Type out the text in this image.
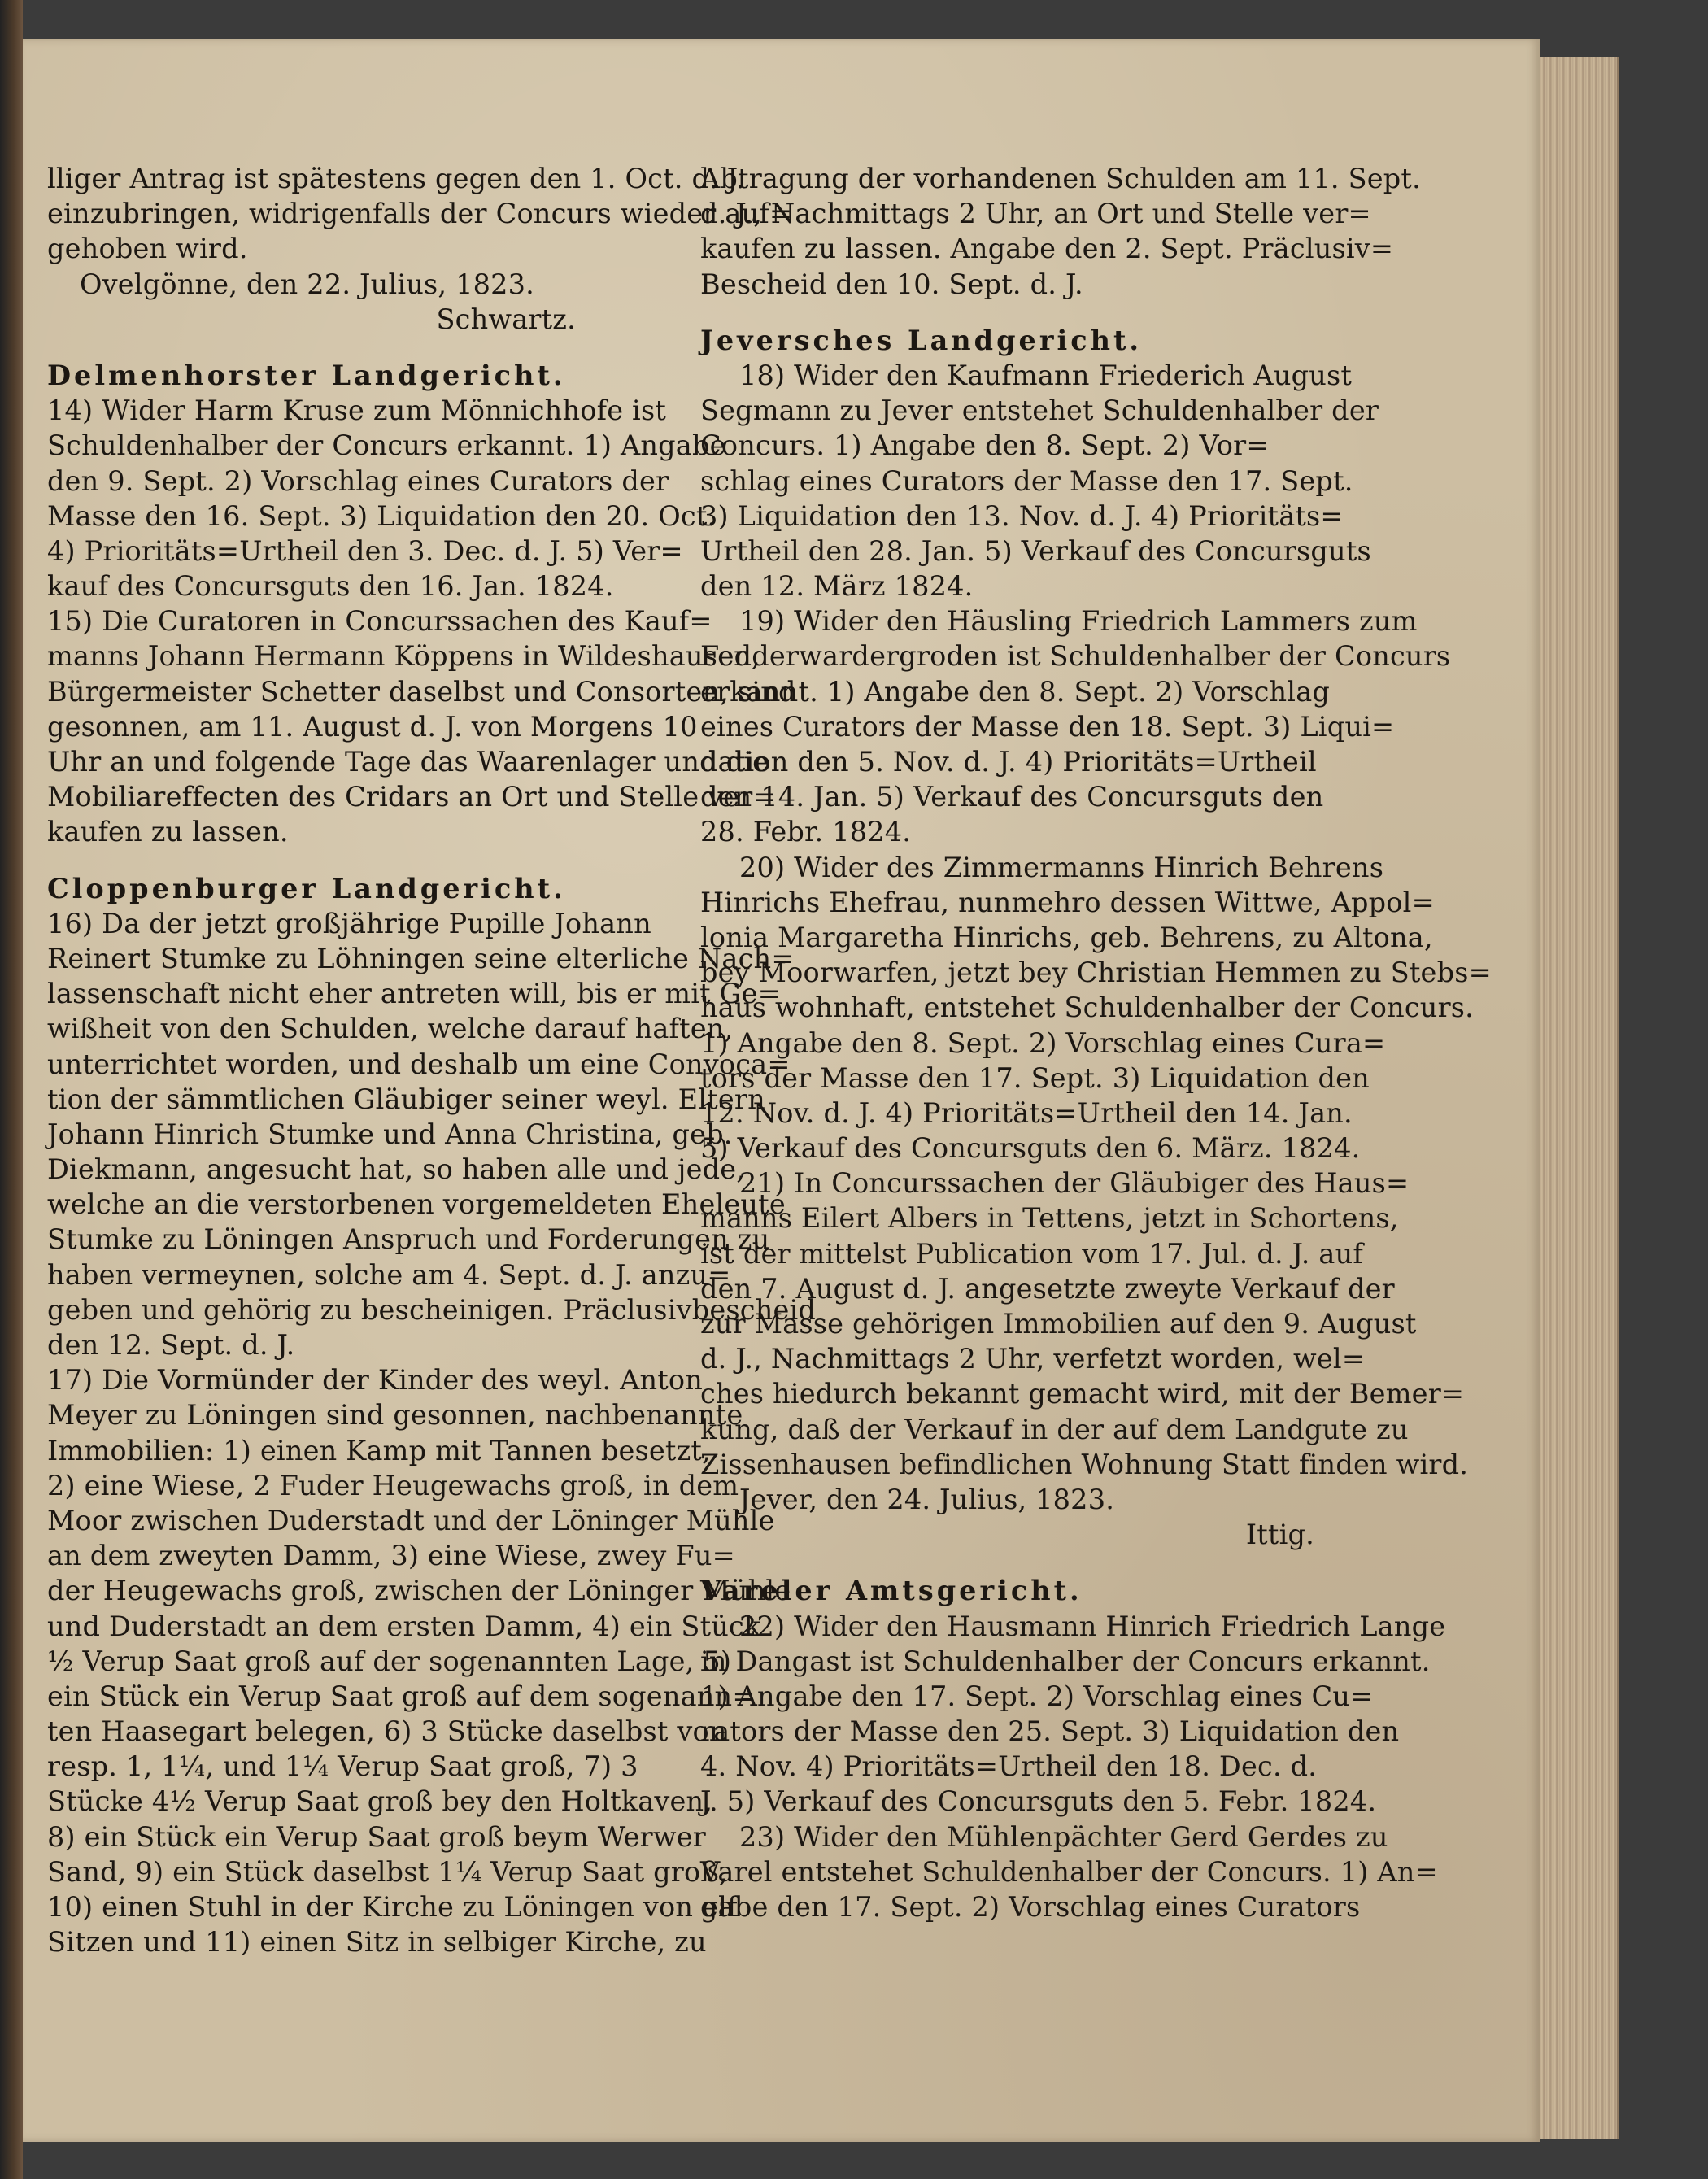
lliger Antrag ist spätestens gegen den 1. Oct. d. J.
einzubringen, widrigenfalls der Concurs wieder auf=
gehoben wird.
Ovelgönne, den 22. Julius, 1823.
Schwartz.
Delmenhorster Landgericht.
14) Wider Harm Kruse zum Mönnichhofe ist
Schuldenhalber der Concurs erkannt. 1) Angabe
den 9. Sept. 2) Vorschlag eines Curators der
Masse den 16. Sept. 3) Liquidation den 20. Oct.
4) Prioritäts=Urtheil den 3. Dec. d. J. 5) Ver=
kauf des Concursguts den 16. Jan. 1824.
15) Die Curatoren in Concurssachen des Kauf=
manns Johann Hermann Köppens in Wildeshausen,
Bürgermeister Schetter daselbst und Consorten, sind
gesonnen, am 11. August d. J. von Morgens 10
Uhr an und folgende Tage das Waarenlager und die
Mobiliareffecten des Cridars an Ort und Stelle ver=
kaufen zu lassen.
Cloppenburger Landgericht.
16) Da der jetzt großjährige Pupille Johann
Reinert Stumke zu Löhningen seine elterliche Nach=
lassenschaft nicht eher antreten will, bis er mit Ge=
wißheit von den Schulden, welche darauf haften,
unterrichtet worden, und deshalb um eine Convoca=
tion der sämmtlichen Gläubiger seiner weyl. Eltern
Johann Hinrich Stumke und Anna Christina, geb.
Diekmann, angesucht hat, so haben alle und jede,
welche an die verstorbenen vorgemeldeten Eheleute
Stumke zu Löningen Anspruch und Forderungen zu
haben vermeynen, solche am 4. Sept. d. J. anzu=
geben und gehörig zu bescheinigen. Präclusivbescheid
den 12. Sept. d. J.
17) Die Vormünder der Kinder des weyl. Anton
Meyer zu Löningen sind gesonnen, nachbenannte
Immobilien: 1) einen Kamp mit Tannen besetzt,
2) eine Wiese, 2 Fuder Heugewachs groß, in dem
Moor zwischen Duderstadt und der Löninger Mühle
an dem zweyten Damm, 3) eine Wiese, zwey Fu=
der Heugewachs groß, zwischen der Löninger Mühle
und Duderstadt an dem ersten Damm, 4) ein Stück
½ Verup Saat groß auf der sogenannten Lage, 5)
ein Stück ein Verup Saat groß auf dem sogenann=
ten Haasegart belegen, 6) 3 Stücke daselbst von
resp. 1, 1¼, und 1¼ Verup Saat groß, 7) 3
Stücke 4½ Verup Saat groß bey den Holtkaven,
8) ein Stück ein Verup Saat groß beym Werwer
Sand, 9) ein Stück daselbst 1¼ Verup Saat groß,
10) einen Stuhl in der Kirche zu Löningen von elf
Sitzen und 11) einen Sitz in selbiger Kirche, zu
Abtragung der vorhandenen Schulden am 11. Sept.
d. J., Nachmittags 2 Uhr, an Ort und Stelle ver=
kaufen zu lassen. Angabe den 2. Sept. Präclusiv=
Bescheid den 10. Sept. d. J.
Jeversches Landgericht.
18) Wider den Kaufmann Friederich August
Segmann zu Jever entstehet Schuldenhalber der
Concurs. 1) Angabe den 8. Sept. 2) Vor=
schlag eines Curators der Masse den 17. Sept.
3) Liquidation den 13. Nov. d. J. 4) Prioritäts=
Urtheil den 28. Jan. 5) Verkauf des Concursguts
den 12. März 1824.
19) Wider den Häusling Friedrich Lammers zum
Fedderwardergroden ist Schuldenhalber der Concurs
erkannt. 1) Angabe den 8. Sept. 2) Vorschlag
eines Curators der Masse den 18. Sept. 3) Liqui=
dation den 5. Nov. d. J. 4) Prioritäts=Urtheil
den 14. Jan. 5) Verkauf des Concursguts den
28. Febr. 1824.
20) Wider des Zimmermanns Hinrich Behrens
Hinrichs Ehefrau, nunmehro dessen Wittwe, Appol=
lonia Margaretha Hinrichs, geb. Behrens, zu Altona,
bey Moorwarfen, jetzt bey Christian Hemmen zu Stebs=
haus wohnhaft, entstehet Schuldenhalber der Concurs.
1) Angabe den 8. Sept. 2) Vorschlag eines Cura=
tors der Masse den 17. Sept. 3) Liquidation den
12. Nov. d. J. 4) Prioritäts=Urtheil den 14. Jan.
5) Verkauf des Concursguts den 6. März. 1824.
21) In Concurssachen der Gläubiger des Haus=
manns Eilert Albers in Tettens, jetzt in Schortens,
ist der mittelst Publication vom 17. Jul. d. J. auf
den 7. August d. J. angesetzte zweyte Verkauf der
zur Masse gehörigen Immobilien auf den 9. August
d. J., Nachmittags 2 Uhr, verfetzt worden, wel=
ches hiedurch bekannt gemacht wird, mit der Bemer=
kung, daß der Verkauf in der auf dem Landgute zu
Zissenhausen befindlichen Wohnung Statt finden wird.
Jever, den 24. Julius, 1823.
Ittig.
Vareler Amtsgericht.
22) Wider den Hausmann Hinrich Friedrich Lange
in Dangast ist Schuldenhalber der Concurs erkannt.
1) Angabe den 17. Sept. 2) Vorschlag eines Cu=
rators der Masse den 25. Sept. 3) Liquidation den
4. Nov. 4) Prioritäts=Urtheil den 18. Dec. d.
J. 5) Verkauf des Concursguts den 5. Febr. 1824.
23) Wider den Mühlenpächter Gerd Gerdes zu
Varel entstehet Schuldenhalber der Concurs. 1) An=
gabe den 17. Sept. 2) Vorschlag eines Curators
